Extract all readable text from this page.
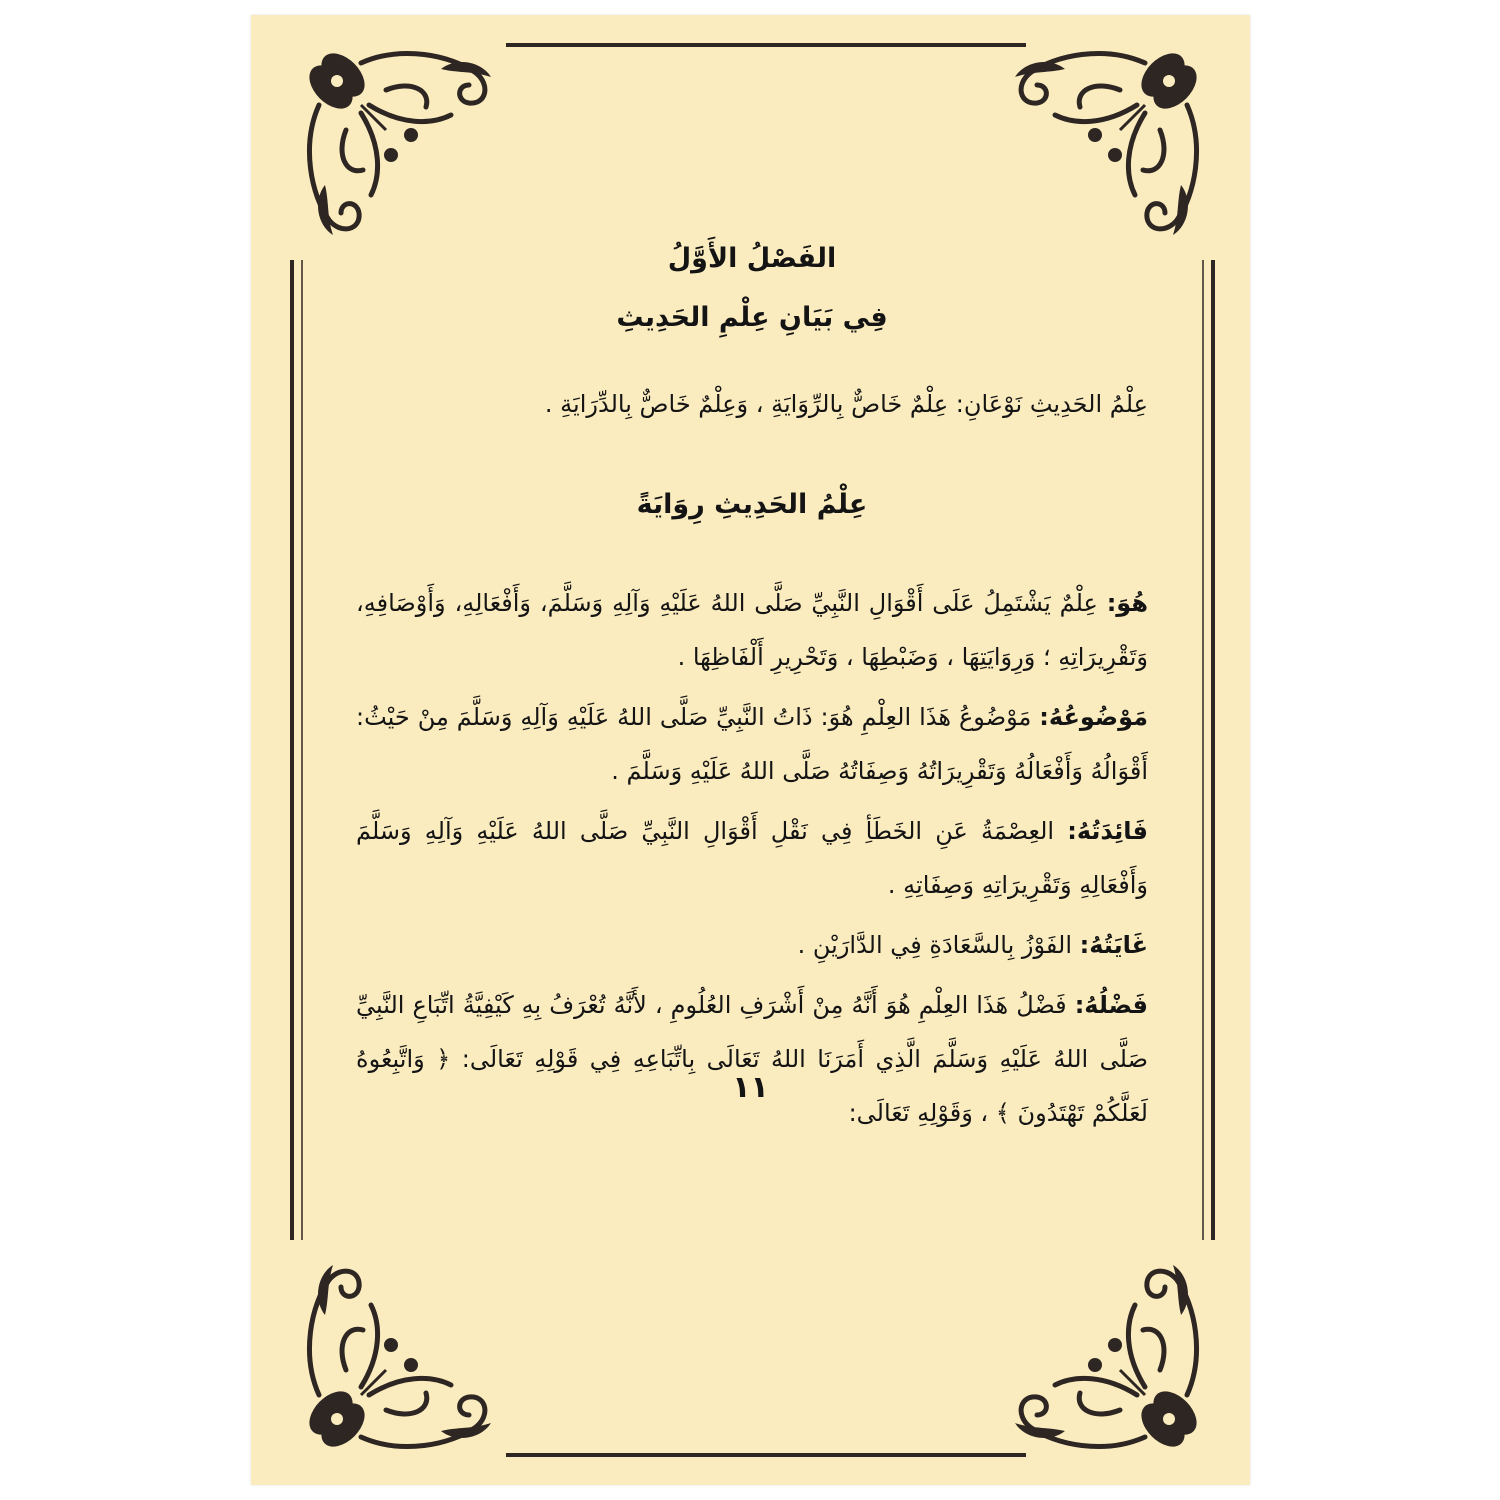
الفَصْلُ الأَوَّلُ
فِي بَيَانِ عِلْمِ الحَدِيثِ

عِلْمُ الحَدِيثِ نَوْعَانِ: عِلْمٌ خَاصٌّ بِالرِّوَايَةِ ، وَعِلْمٌ خَاصٌّ بِالدِّرَايَةِ .

عِلْمُ الحَدِيثِ رِوَايَةً

هُوَ: عِلْمٌ يَشْتَمِلُ عَلَى أَقْوَالِ النَّبِيِّ صَلَّى اللهُ عَلَيْهِ وَآلِهِ وَسَلَّمَ، وَأَفْعَالِهِ، وَأَوْصَافِهِ، وَتَقْرِيرَاتِهِ ؛ وَرِوَايَتِهَا ، وَضَبْطِهَا ، وَتَحْرِيرِ أَلْفَاظِهَا .

مَوْضُوعُهُ: مَوْضُوعُ هَذَا العِلْمِ هُوَ: ذَاتُ النَّبِيِّ صَلَّى اللهُ عَلَيْهِ وَآلِهِ وَسَلَّمَ مِنْ حَيْثُ: أَقْوَالُهُ وَأَفْعَالُهُ وَتَقْرِيرَاتُهُ وَصِفَاتُهُ صَلَّى اللهُ عَلَيْهِ وَسَلَّمَ .

فَائِدَتُهُ: العِصْمَةُ عَنِ الخَطَأِ فِي نَقْلِ أَقْوَالِ النَّبِيِّ صَلَّى اللهُ عَلَيْهِ وَآلِهِ وَسَلَّمَ وَأَفْعَالِهِ وَتَقْرِيرَاتِهِ وَصِفَاتِهِ .

غَايَتُهُ: الفَوْزُ بِالسَّعَادَةِ فِي الدَّارَيْنِ .

فَضْلُهُ: فَضْلُ هَذَا العِلْمِ هُوَ أَنَّهُ مِنْ أَشْرَفِ العُلُومِ ، لأَنَّهُ تُعْرَفُ بِهِ كَيْفِيَّةُ اتِّبَاعِ النَّبِيِّ صَلَّى اللهُ عَلَيْهِ وَسَلَّمَ الَّذِي أَمَرَنَا اللهُ تَعَالَى بِاتِّبَاعِهِ فِي قَوْلِهِ تَعَالَى: ﴿ وَاتَّبِعُوهُ لَعَلَّكُمْ تَهْتَدُونَ ﴾ ، وَقَوْلِهِ تَعَالَى:

١١
